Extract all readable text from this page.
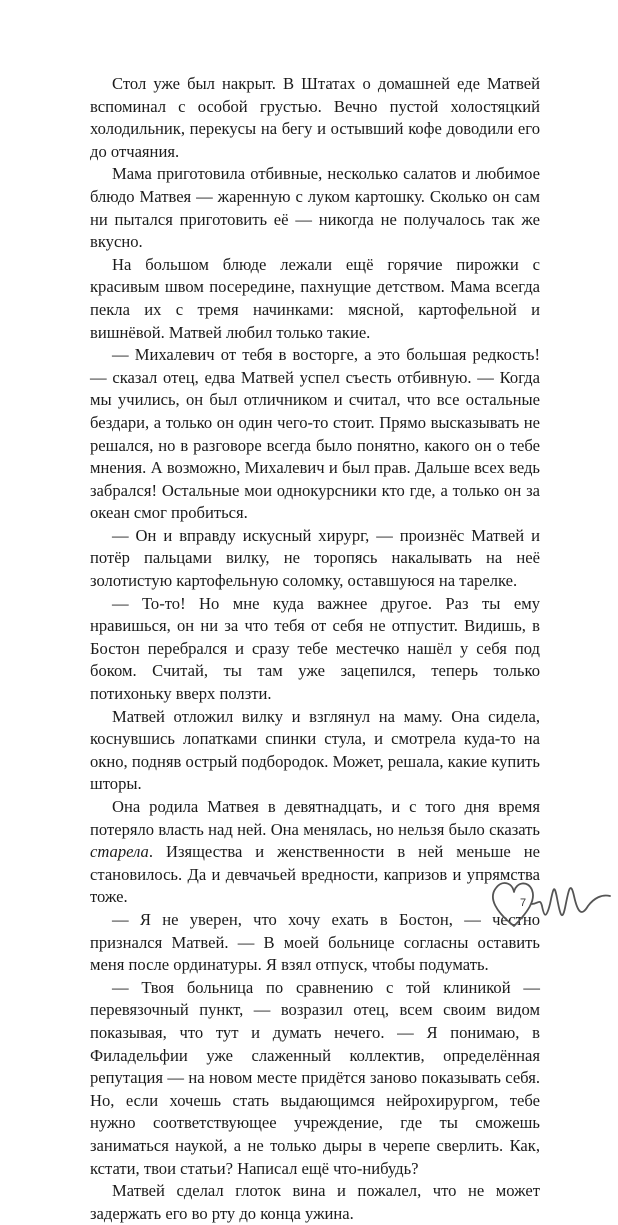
Стол уже был накрыт. В Штатах о домашней еде Матвей вспоминал с особой грустью. Вечно пустой холостяцкий холодильник, перекусы на бегу и остывший кофе доводили его до отчаяния.

Мама приготовила отбивные, несколько салатов и любимое блюдо Матвея — жаренную с луком картошку. Сколько он сам ни пытался приготовить её — никогда не получалось так же вкусно.

На большом блюде лежали ещё горячие пирожки с красивым швом посередине, пахнущие детством. Мама всегда пекла их с тремя начинками: мясной, картофельной и вишнёвой. Матвей любил только такие.

— Михалевич от тебя в восторге, а это большая редкость! — сказал отец, едва Матвей успел съесть отбивную. — Когда мы учились, он был отличником и считал, что все остальные бездари, а только он один чего-то стоит. Прямо высказывать не решался, но в разговоре всегда было понятно, какого он о тебе мнения. А возможно, Михалевич и был прав. Дальше всех ведь забрался! Остальные мои однокурсники кто где, а только он за океан смог пробиться.

— Он и вправду искусный хирург, — произнёс Матвей и потёр пальцами вилку, не торопясь накалывать на неё золотистую картофельную соломку, оставшуюся на тарелке.

— То-то! Но мне куда важнее другое. Раз ты ему нравишься, он ни за что тебя от себя не отпустит. Видишь, в Бостон перебрался и сразу тебе местечко нашёл у себя под боком. Считай, ты там уже зацепился, теперь только потихоньку вверх ползти.

Матвей отложил вилку и взглянул на маму. Она сидела, коснувшись лопатками спинки стула, и смотрела куда-то на окно, подняв острый подбородок. Может, решала, какие купить шторы.

Она родила Матвея в девятнадцать, и с того дня время потеряло власть над ней. Она менялась, но нельзя было сказать старела. Изящества и женственности в ней меньше не становилось. Да и девчачьей вредности, капризов и упрямства тоже.

— Я не уверен, что хочу ехать в Бостон, — честно признался Матвей. — В моей больнице согласны оставить меня после ординатуры. Я взял отпуск, чтобы подумать.

— Твоя больница по сравнению с той клиникой — перевязочный пункт, — возразил отец, всем своим видом показывая, что тут и думать нечего. — Я понимаю, в Филадельфии уже слаженный коллектив, определённая репутация — на новом месте придётся заново показывать себя. Но, если хочешь стать выдающимся нейрохирургом, тебе нужно соответствующее учреждение, где ты сможешь заниматься наукой, а не только дыры в черепе сверлить. Как, кстати, твои статьи? Написал ещё что-нибудь?

Матвей сделал глоток вина и пожалел, что не может задержать его во рту до конца ужина.

7
